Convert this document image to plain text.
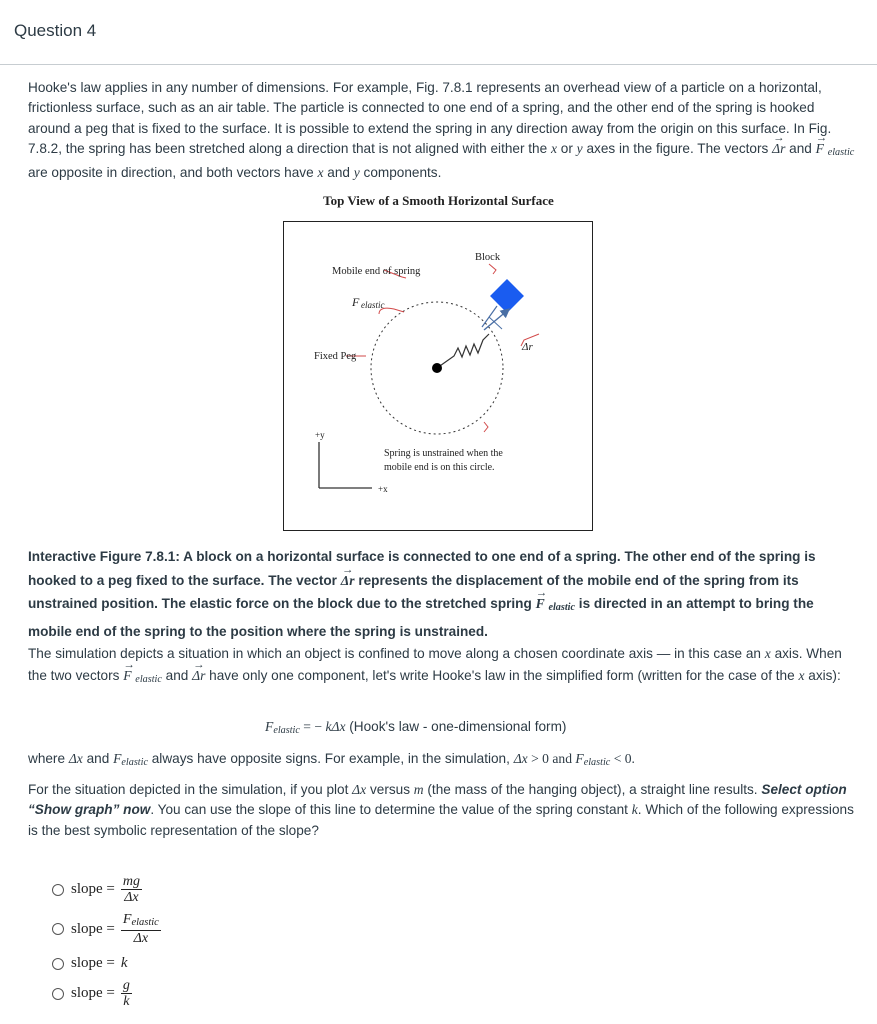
Question 4

Hooke's law applies in any number of dimensions. For example, Fig. 7.8.1 represents an overhead view of a particle on a horizontal, frictionless surface, such as an air table. The particle is connected to one end of a spring, and the other end of the spring is hooked around a peg that is fixed to the surface. It is possible to extend the spring in any direction away from the origin on this surface. In Fig. 7.8.2, the spring has been stretched along a direction that is not aligned with either the x or y axes in the figure. The vectors Δr → and F → $_{elastic}$ are opposite in direction, and both vectors have x and y components.

Top View of a Smooth Horizontal Surface
Mobile end of spring
Block
F elastic
Δr
Fixed Peg
+y
+x
Spring is unstrained when the
mobile end is on this circle.

Interactive Figure 7.8.1: A block on a horizontal surface is connected to one end of a spring. The other end of the spring is hooked to a peg fixed to the surface. The vector Δr → represents the displacement of the mobile end of the spring from its unstrained position. The elastic force on the block due to the stretched spring F → $_{elastic}$ is directed in an attempt to bring the mobile end of the spring to the position where the spring is unstrained.

The simulation depicts a situation in which an object is confined to move along a chosen coordinate axis — in this case an x axis. When the two vectors F → $_{elastic}$ and Δr → have only one component, let's write Hooke's law in the simplified form (written for the case of the x axis):

$F_{elastic}$ = − kΔx (Hook's law - one-dimensional form)

where Δx and $F_{elastic}$ always have opposite signs. For example, in the simulation, Δx > 0 and $F_{elastic} < 0$.

For the situation depicted in the simulation, if you plot Δx versus m (the mass of the hanging object), a straight line results. Select option “Show graph” now. You can use the slope of this line to determine the value of the spring constant k. Which of the following expressions is the best symbolic representation of the slope?

slope = $\frac{mg}{\Delta x}$
slope = $\frac{F_{elastic}}{\Delta x}$
slope = k
slope = $\frac{g}{k}$
